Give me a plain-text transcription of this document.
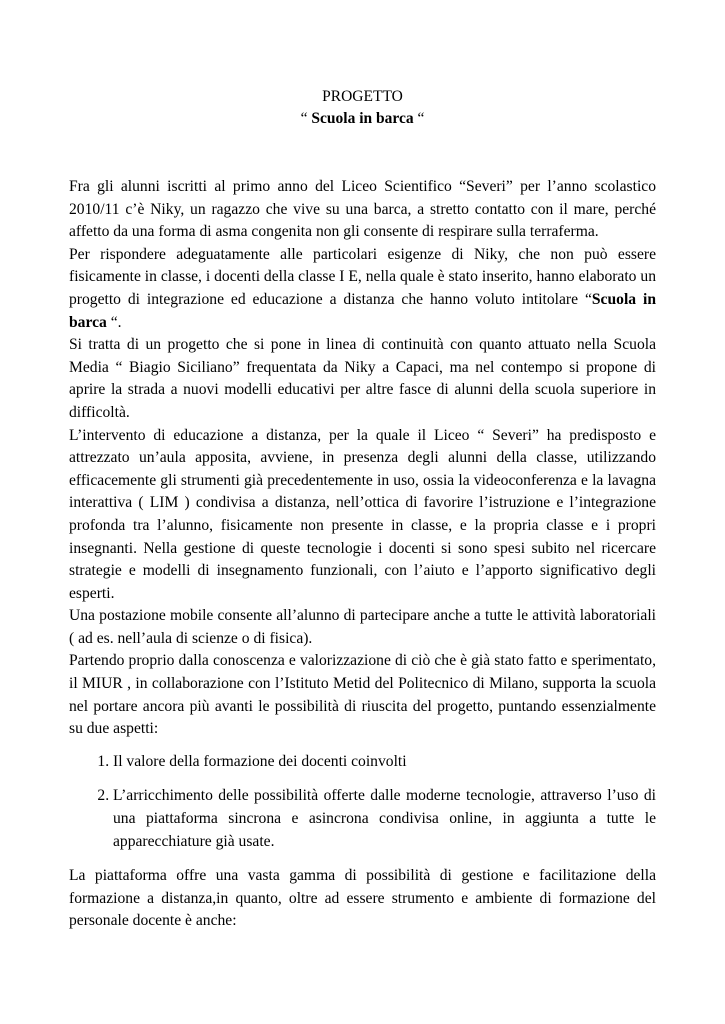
PROGETTO
“ Scuola in barca “

Fra gli alunni iscritti al primo anno del Liceo Scientifico “Severi” per l’anno scolastico 2010/11 c’è Niky, un ragazzo che vive su una barca, a stretto contatto con il mare, perché affetto da una forma di asma congenita non gli consente di respirare sulla terraferma.

Per rispondere adeguatamente alle particolari esigenze di Niky, che non può essere fisicamente in classe, i docenti della classe I E, nella quale è stato inserito, hanno elaborato un progetto di integrazione ed educazione a distanza che hanno voluto intitolare “Scuola in barca “.

Si tratta di un progetto che si pone in linea di continuità con quanto attuato nella Scuola Media “ Biagio Siciliano” frequentata da Niky a Capaci, ma nel contempo si propone di aprire la strada a nuovi modelli educativi per altre fasce di alunni della scuola superiore in difficoltà.

L’intervento di educazione a distanza, per la quale il Liceo “ Severi” ha predisposto e attrezzato un’aula apposita, avviene, in presenza degli alunni della classe, utilizzando efficacemente gli strumenti già precedentemente in uso, ossia la videoconferenza e la lavagna interattiva ( LIM ) condivisa a distanza, nell’ottica di favorire l’istruzione e l’integrazione profonda tra l’alunno, fisicamente non presente in classe, e la propria classe e i propri insegnanti. Nella gestione di queste tecnologie i docenti si sono spesi subito nel ricercare strategie e modelli di insegnamento funzionali, con l’aiuto e l’apporto significativo degli esperti.

Una postazione mobile consente all’alunno di partecipare anche a tutte le attività laboratoriali ( ad es. nell’aula di scienze o di fisica).

Partendo proprio dalla conoscenza e valorizzazione di ciò che è già stato fatto e sperimentato, il MIUR , in collaborazione con l’Istituto Metid del Politecnico di Milano, supporta la scuola nel portare ancora più avanti le possibilità di riuscita del progetto, puntando essenzialmente su due aspetti:

1. Il valore della formazione dei docenti coinvolti
2. L’arricchimento delle possibilità offerte dalle moderne tecnologie, attraverso l’uso di una piattaforma sincrona e asincrona condivisa online, in aggiunta a tutte le apparecchiature già usate.

La piattaforma offre una vasta gamma di possibilità di gestione e facilitazione della formazione a distanza,in quanto, oltre ad essere strumento e ambiente di formazione del personale docente è anche:
